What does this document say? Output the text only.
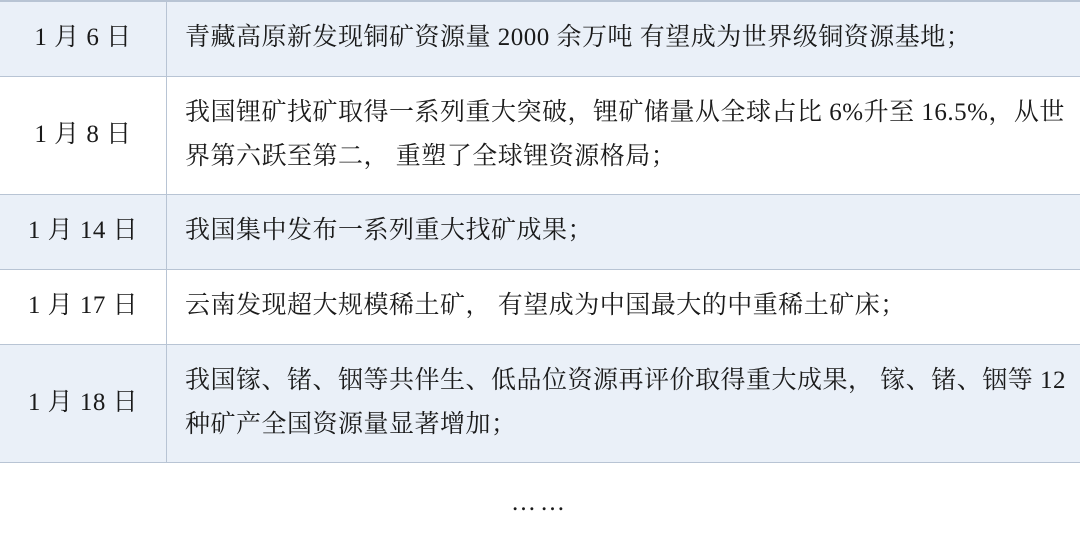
1 月 6 日	青藏高原新发现铜矿资源量 2000 余万吨 有望成为世界级铜资源基地；
1 月 8 日	我国锂矿找矿取得一系列重大突破，锂矿储量从全球占比 6%升至 16.5%，从世界第六跃至第二， 重塑了全球锂资源格局；
1 月 14 日	我国集中发布一系列重大找矿成果；
1 月 17 日	云南发现超大规模稀土矿， 有望成为中国最大的中重稀土矿床；
1 月 18 日	我国镓、锗、铟等共伴生、低品位资源再评价取得重大成果， 镓、锗、铟等 12 种矿产全国资源量显著增加；
……	
